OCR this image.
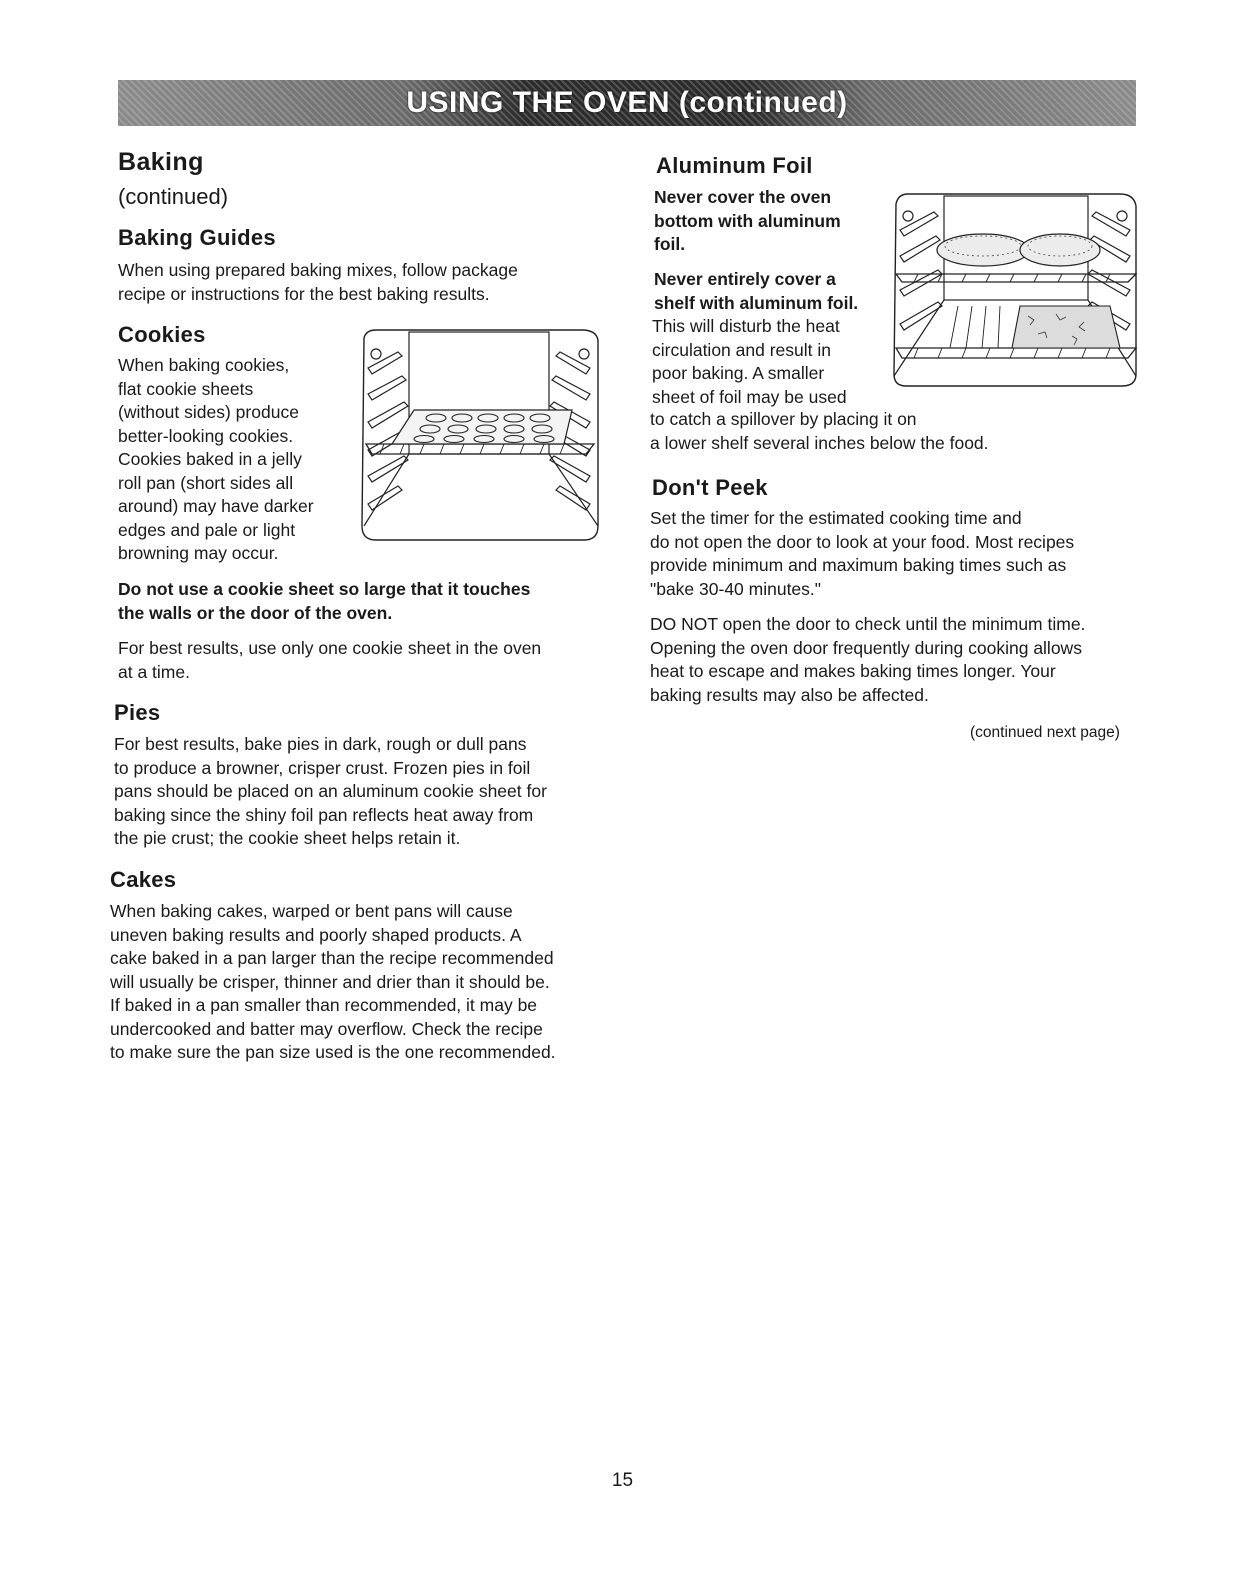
USING THE OVEN (continued)
Baking

(continued)

Baking Guides

When using prepared baking mixes, follow package
recipe or instructions for the best baking results.

Cookies

When baking cookies,
flat cookie sheets
(without sides) produce
better-looking cookies.
Cookies baked in a jelly
roll pan (short sides all
around) may have darker
edges and pale or light
browning may occur.

Do not use a cookie sheet so large that it touches
the walls or the door of the oven.

For best results, use only one cookie sheet in the oven
at a time.

Pies

For best results, bake pies in dark, rough or dull pans
to produce a browner, crisper crust. Frozen pies in foil
pans should be placed on an aluminum cookie sheet for
baking since the shiny foil pan reflects heat away from
the pie crust; the cookie sheet helps retain it.

Cakes

When baking cakes, warped or bent pans will cause
uneven baking results and poorly shaped products. A
cake baked in a pan larger than the recipe recommended
will usually be crisper, thinner and drier than it should be.
If baked in a pan smaller than recommended, it may be
undercooked and batter may overflow. Check the recipe
to make sure the pan size used is the one recommended.

Aluminum Foil

Never cover the oven
bottom with aluminum
foil.

Never entirely cover a
shelf with aluminum foil.

This will disturb the heat
circulation and result in
poor baking. A smaller
sheet of foil may be used

to catch a spillover by placing it on
a lower shelf several inches below the food.

Don't Peek

Set the timer for the estimated cooking time and
do not open the door to look at your food. Most recipes
provide minimum and maximum baking times such as
"bake 30-40 minutes."

DO NOT open the door to check until the minimum time.
Opening the oven door frequently during cooking allows
heat to escape and makes baking times longer. Your
baking results may also be affected.

(continued next page)
15
